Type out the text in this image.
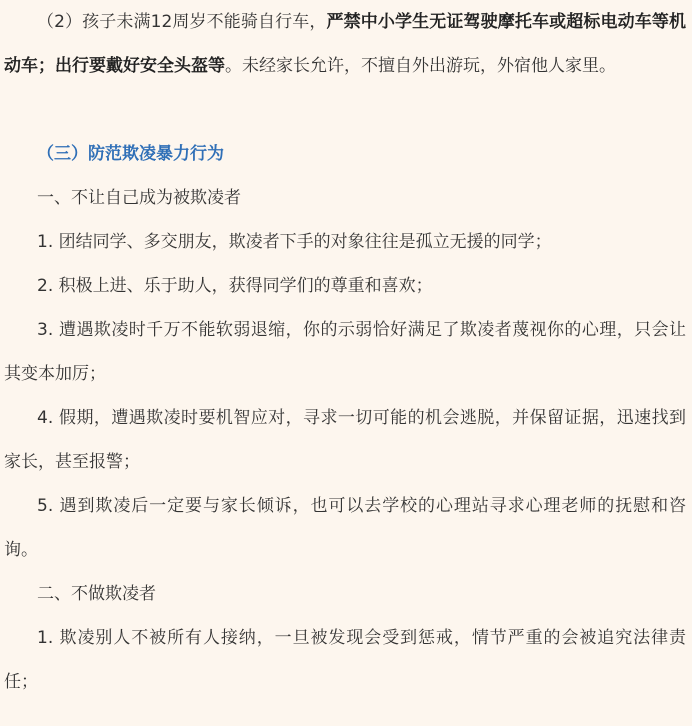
（2）孩子未满12周岁不能骑自行车，严禁中小学生无证驾驶摩托车或超标电动车等机动车；出行要戴好安全头盔等。未经家长允许，不擅自外出游玩，外宿他人家里。

（三）防范欺凌暴力行为

一、不让自己成为被欺凌者

1. 团结同学、多交朋友，欺凌者下手的对象往往是孤立无援的同学；

2. 积极上进、乐于助人，获得同学们的尊重和喜欢；

3. 遭遇欺凌时千万不能软弱退缩，你的示弱恰好满足了欺凌者蔑视你的心理，只会让其变本加厉；

4. 假期，遭遇欺凌时要机智应对，寻求一切可能的机会逃脱，并保留证据，迅速找到家长，甚至报警；

5. 遇到欺凌后一定要与家长倾诉，也可以去学校的心理站寻求心理老师的抚慰和咨询。

二、不做欺凌者

1. 欺凌别人不被所有人接纳，一旦被发现会受到惩戒，情节严重的会被追究法律责任；
